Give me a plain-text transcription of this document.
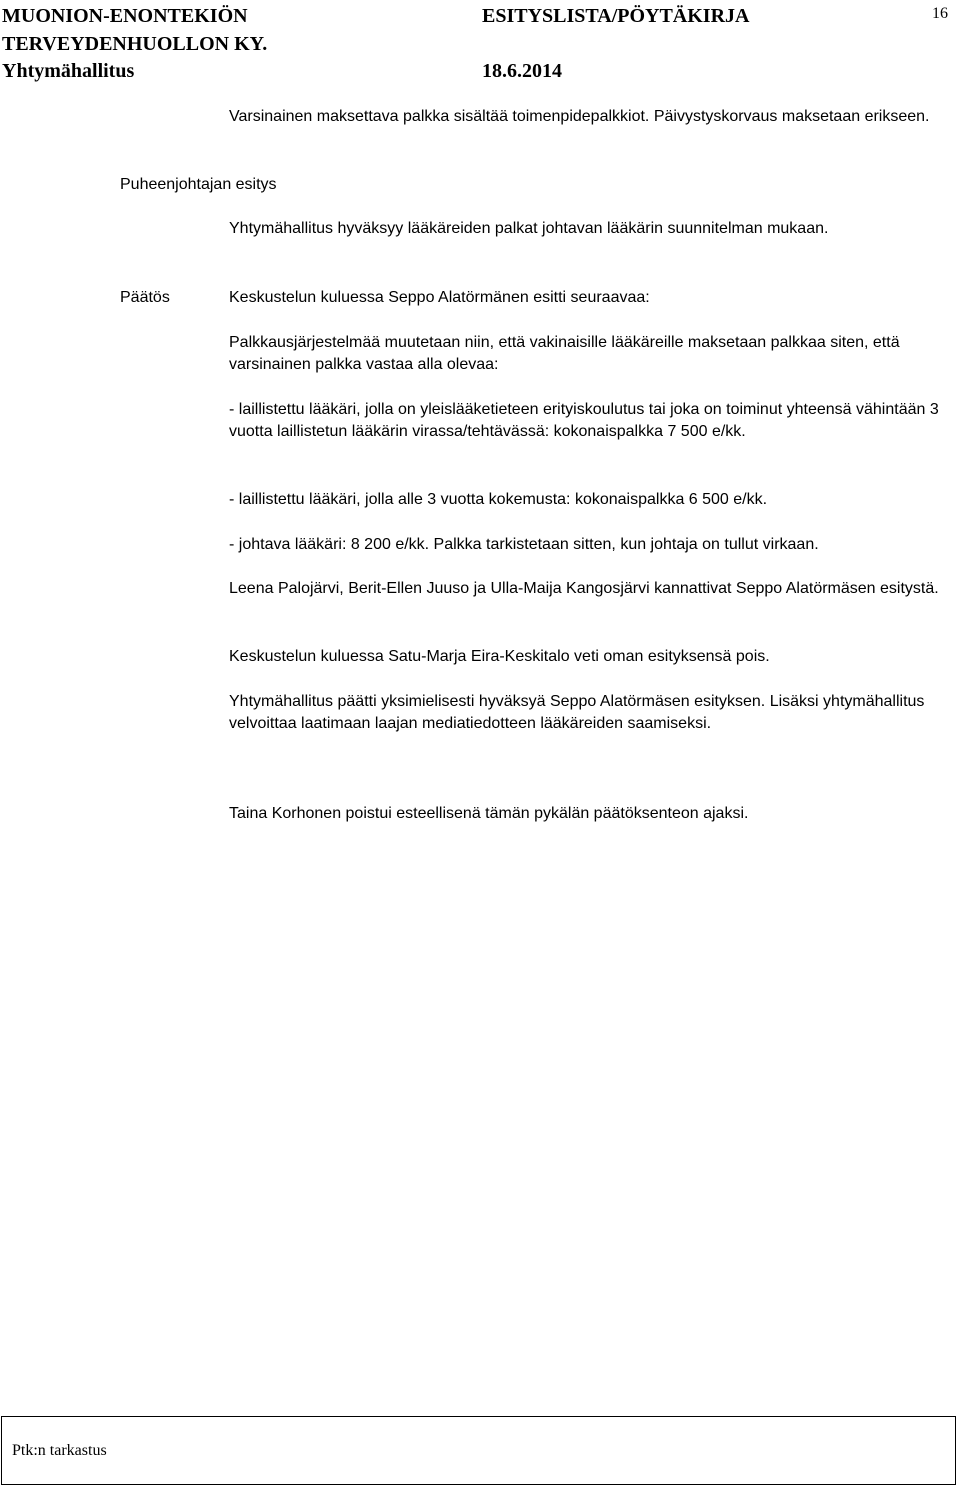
MUONION-ENONTEKIÖN
TERVEYDENHUOLLON KY.
Yhtymähallitus
ESITYSLISTA/PÖYTÄKIRJA
18.6.2014
16

Varsinainen maksettava palkka sisältää toimenpidepalkkiot. Päivystyskorvaus maksetaan erikseen.

Puheenjohtajan esitys

Yhtymähallitus hyväksyy lääkäreiden palkat johtavan lääkärin suunnitelman mukaan.

Päätös	Keskustelun kuluessa Seppo Alatörmänen esitti seuraavaa:

Palkkausjärjestelmää muutetaan niin, että vakinaisille lääkäreille maksetaan palkkaa siten, että varsinainen palkka vastaa alla olevaa:

- laillistettu lääkäri, jolla on yleislääketieteen erityiskoulutus tai joka on toiminut yhteensä vähintään 3 vuotta laillistetun lääkärin virassa/tehtävässä: kokonaispalkka 7 500 e/kk.

- laillistettu lääkäri, jolla alle 3 vuotta kokemusta: kokonaispalkka 6 500 e/kk.

- johtava lääkäri: 8 200 e/kk. Palkka tarkistetaan sitten, kun johtaja on tullut virkaan.

Leena Palojärvi, Berit-Ellen Juuso ja Ulla-Maija Kangosjärvi kannattivat Seppo Alatörmäsen esitystä.

Keskustelun kuluessa Satu-Marja Eira-Keskitalo veti oman esityksensä pois.

Yhtymähallitus päätti yksimielisesti hyväksyä Seppo Alatörmäsen esityksen. Lisäksi yhtymähallitus velvoittaa laatimaan laajan mediatiedotteen lääkäreiden saamiseksi.

Taina Korhonen poistui esteellisenä tämän pykälän päätöksenteon ajaksi.

Ptk:n tarkastus
